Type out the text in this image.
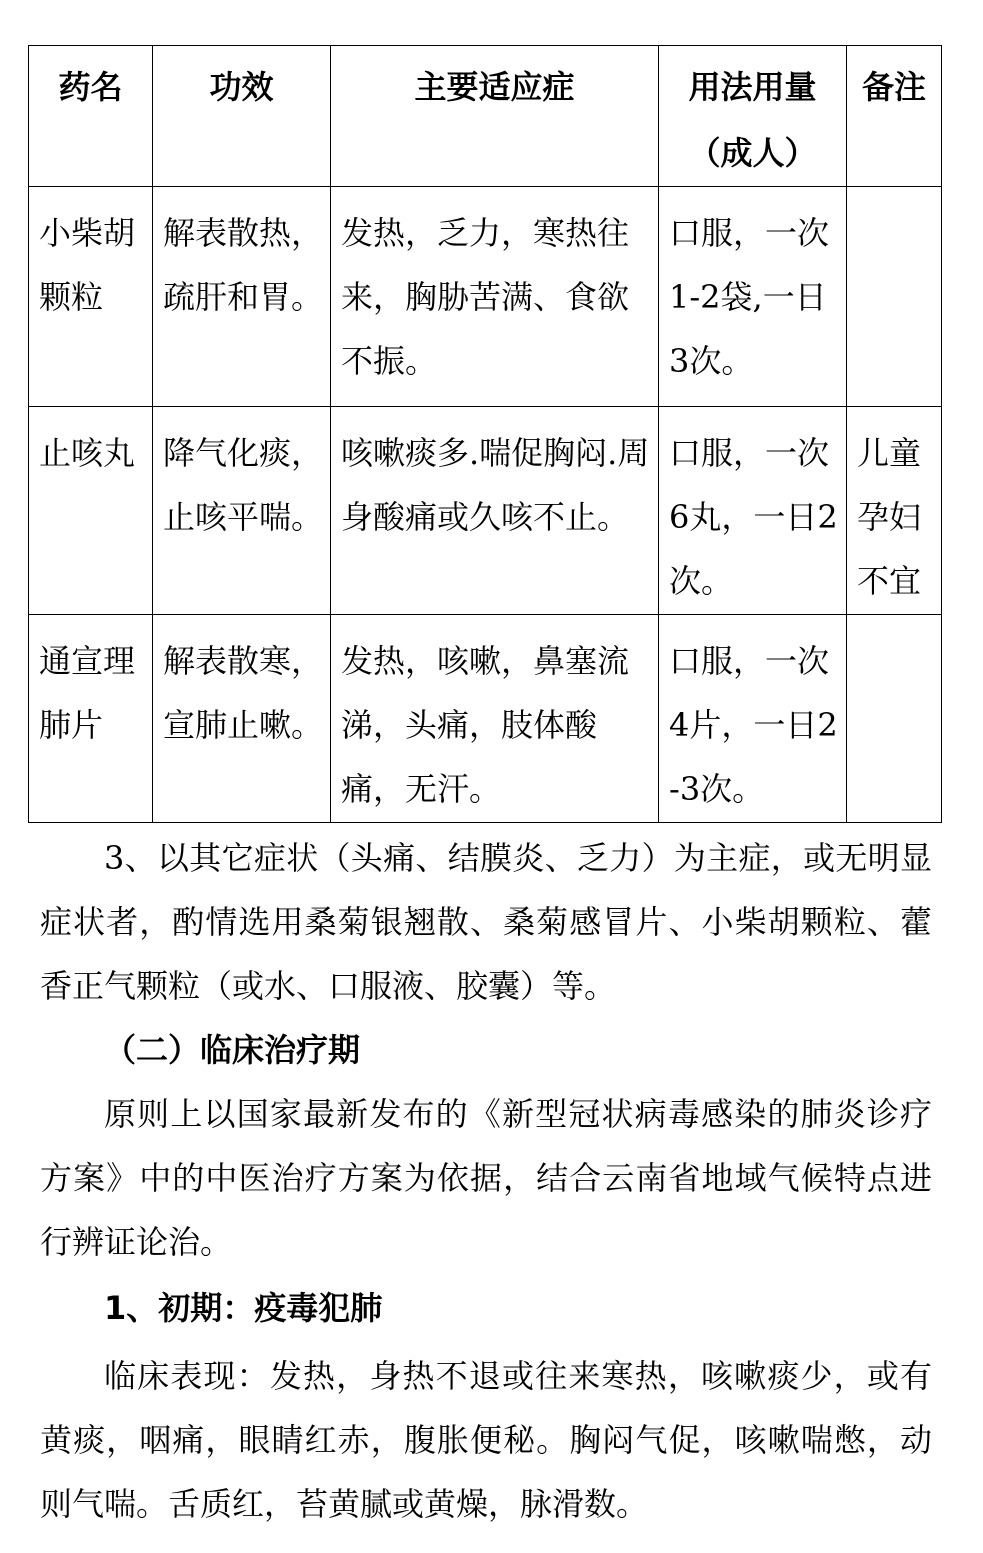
药名	功效	主要适应症	用法用量（成人）	备注
小柴胡颗粒	解表散热，疏肝和胃。	发热，乏力，寒热往来，胸胁苦满、食欲不振。	口服，一次1-2袋,一日3次。	
止咳丸	降气化痰，止咳平喘。	咳嗽痰多.喘促胸闷.周身酸痛或久咳不止。	口服，一次6丸，一日2次。	儿童孕妇不宜
通宣理肺片	解表散寒，宣肺止嗽。	发热，咳嗽，鼻塞流涕，头痛，肢体酸痛，无汗。	口服，一次4片，一日2-3次。	

3、以其它症状（头痛、结膜炎、乏力）为主症，或无明显症状者，酌情选用桑菊银翘散、桑菊感冒片、小柴胡颗粒、藿香正气颗粒（或水、口服液、胶囊）等。

（二）临床治疗期

原则上以国家最新发布的《新型冠状病毒感染的肺炎诊疗方案》中的中医治疗方案为依据，结合云南省地域气候特点进行辨证论治。

1、初期：疫毒犯肺

临床表现：发热，身热不退或往来寒热，咳嗽痰少，或有黄痰，咽痛，眼睛红赤，腹胀便秘。胸闷气促，咳嗽喘憋，动则气喘。舌质红，苔黄腻或黄燥，脉滑数。
